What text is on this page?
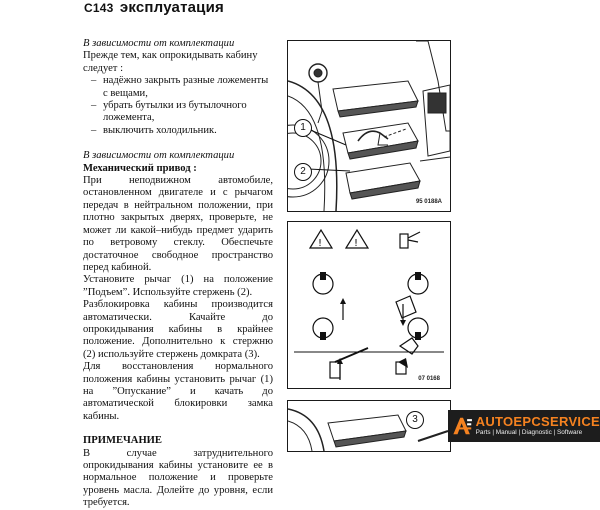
C143 эксплуатация

В зависимости от комплектации

Прежде тем, как опрокидывать кабину следует :

– надёжно закрыть разные ложементы с вещами,
– убрать бутылки из бутылочного ложемента,
– выключить холодильник.

В зависимости от комплектации

Механический привод :

При неподвижном автомобиле, остановленном двигателе и с рычагом передач в нейтральном положении, при плотно закрытых дверях, проверьте, не может ли какой–нибудь предмет ударить по ветровому стеклу. Обеспечьте достаточное свободное пространство перед кабиной.

Установите рычаг (1) на положение ”Подъем”. Используйте стержень (2).

Разблокировка кабины производится автоматически. Качайте до опрокидывания кабины в крайнее положение. Дополнительно к стержню (2) используйте стержень домкрата (3).

Для восстановления нормального положения кабины установить рычаг (1) на ”Опускание” и качать до автоматической блокировки замка кабины.

ПРИМЕЧАНИЕ

В случае затруднительного опрокидывания кабины установите ее в нормальное положение и проверьте уровень масла. Долейте до уровня, если требуется.

1
2
95 0188A
!	!
07 0168
3	AUTOEPCSERVICE
Parts | Manual | Diagnostic | Software
